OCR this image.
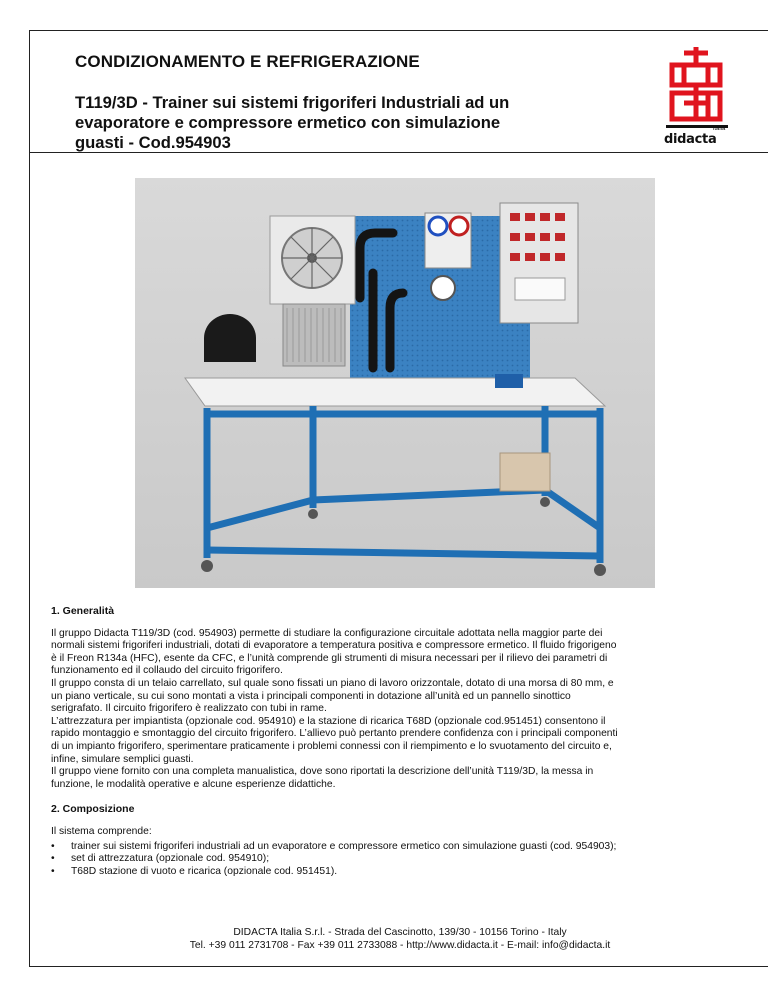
CONDIZIONAMENTO E REFRIGERAZIONE
T119/3D - Trainer sui sistemi frigoriferi Industriali ad un
evaporatore e compressore ermetico con simulazione
guasti - Cod.954903
italia
didacta
1. Generalità
Il gruppo Didacta T119/3D (cod. 954903) permette di studiare la configurazione circuitale adottata nella maggior parte dei
normali sistemi frigoriferi industriali, dotati di evaporatore a temperatura positiva e compressore ermetico. Il fluido frigorigeno
è il Freon R134a (HFC), esente da CFC, e l’unità comprende gli strumenti di misura necessari per il rilievo dei parametri di
funzionamento ed il collaudo del circuito frigorifero.
Il gruppo consta di un telaio carrellato, sul quale sono fissati un piano di lavoro orizzontale, dotato di una morsa di 80 mm, e
un piano verticale, su cui sono montati a vista i principali componenti in dotazione all’unità ed un pannello sinottico
serigrafato. Il circuito frigorifero è realizzato con tubi in rame.
L’attrezzatura per impiantista (opzionale cod. 954910) e la stazione di ricarica T68D (opzionale cod.951451) consentono il
rapido montaggio e smontaggio del circuito frigorifero. L’allievo può pertanto prendere confidenza con i principali componenti
di un impianto frigorifero, sperimentare praticamente i problemi connessi con il riempimento e lo svuotamento del circuito e,
infine, simulare semplici guasti.
Il gruppo viene fornito con una completa manualistica, dove sono riportati la descrizione dell’unità T119/3D, la messa in
funzione, le modalità operative e alcune esperienze didattiche.
2. Composizione
Il sistema comprende:
• trainer sui sistemi frigoriferi industriali ad un evaporatore e compressore ermetico con simulazione guasti (cod. 954903);
• set di attrezzatura (opzionale cod. 954910);
• T68D stazione di vuoto e ricarica (opzionale cod. 951451).
DIDACTA Italia S.r.l. - Strada del Cascinotto, 139/30 - 10156 Torino - Italy
Tel. +39 011 2731708 - Fax +39 011 2733088 - http://www.didacta.it - E-mail: info@didacta.it
